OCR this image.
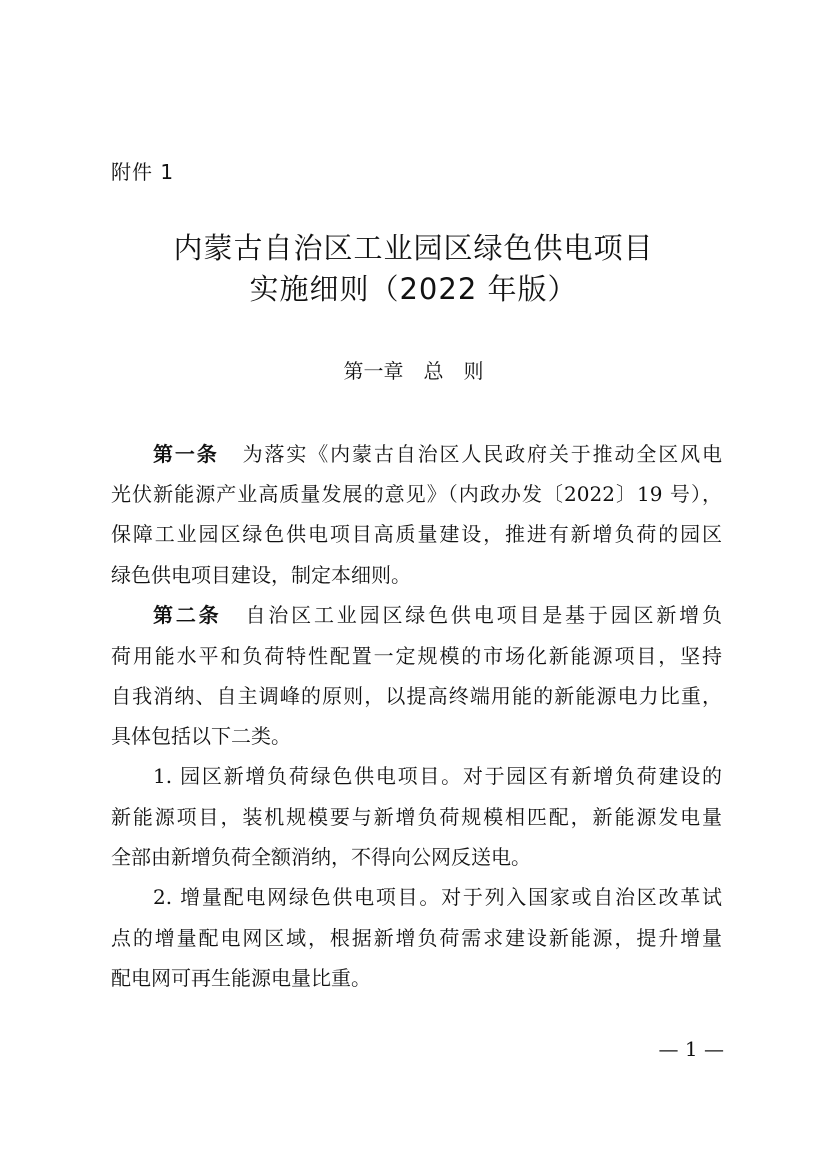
附件 1
内蒙古自治区工业园区绿色供电项目
实施细则（2022 年版）
第一章　总　则
第一条 为落实《内蒙古自治区人民政府关于推动全区风电
光伏新能源产业高质量发展的意见》（内政办发〔2022〕19 号），
保障工业园区绿色供电项目高质量建设，推进有新增负荷的园区
绿色供电项目建设，制定本细则。
第二条 自治区工业园区绿色供电项目是基于园区新增负
荷用能水平和负荷特性配置一定规模的市场化新能源项目，坚持
自我消纳、自主调峰的原则，以提高终端用能的新能源电力比重，
具体包括以下二类。
1. 园区新增负荷绿色供电项目。对于园区有新增负荷建设的
新能源项目，装机规模要与新增负荷规模相匹配，新能源发电量
全部由新增负荷全额消纳，不得向公网反送电。
2. 增量配电网绿色供电项目。对于列入国家或自治区改革试
点的增量配电网区域，根据新增负荷需求建设新能源，提升增量
配电网可再生能源电量比重。
— 1 —
